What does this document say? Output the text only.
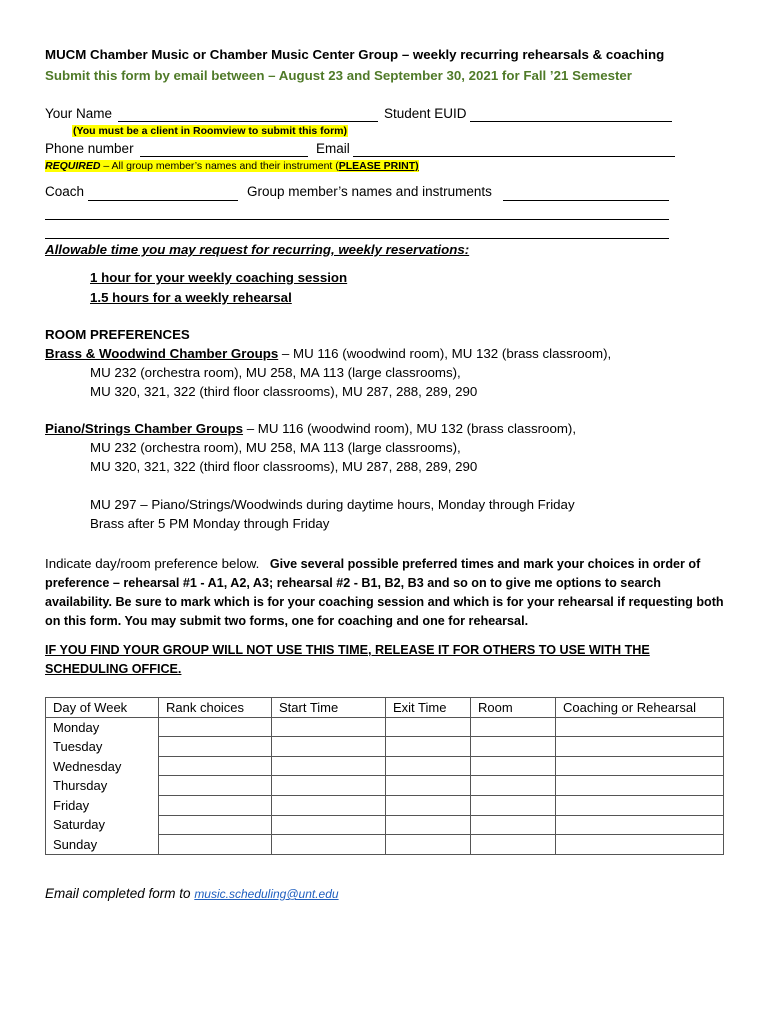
MUCM Chamber Music or Chamber Music Center Group – weekly recurring rehearsals & coaching
Submit this form by email between – August 23 and September 30, 2021 for Fall ’21 Semester
Your Name	Student EUID
(You must be a client in Roomview to submit this form)
Phone number	Email
REQUIRED – All group member’s names and their instrument (PLEASE PRINT)
Coach	Group member’s names and instruments
Allowable time you may request for recurring, weekly reservations:
1 hour for your weekly coaching session
1.5 hours for a weekly rehearsal
ROOM PREFERENCES
Brass & Woodwind Chamber Groups – MU 116 (woodwind room), MU 132 (brass classroom),
MU 232 (orchestra room), MU 258, MA 113 (large classrooms),
MU 320, 321, 322 (third floor classrooms), MU 287, 288, 289, 290
Piano/Strings Chamber Groups – MU 116 (woodwind room), MU 132 (brass classroom),
MU 232 (orchestra room), MU 258, MA 113 (large classrooms),
MU 320, 321, 322 (third floor classrooms), MU 287, 288, 289, 290
MU 297 – Piano/Strings/Woodwinds during daytime hours, Monday through Friday
Brass after 5 PM Monday through Friday
Indicate day/room preference below. Give several possible preferred times and mark your choices in order of preference – rehearsal #1 - A1, A2, A3; rehearsal #2 - B1, B2, B3 and so on to give me options to search availability. Be sure to mark which is for your coaching session and which is for your rehearsal if requesting both on this form. You may submit two forms, one for coaching and one for rehearsal.
IF YOU FIND YOUR GROUP WILL NOT USE THIS TIME, RELEASE IT FOR OTHERS TO USE WITH THE
SCHEDULING OFFICE.
Day of Week	Rank choices	Start Time	Exit Time	Room	Coaching or Rehearsal
Monday					
Tuesday					
Wednesday					
Thursday					
Friday					
Saturday					
Sunday					
Email completed form to music.scheduling@unt.edu
